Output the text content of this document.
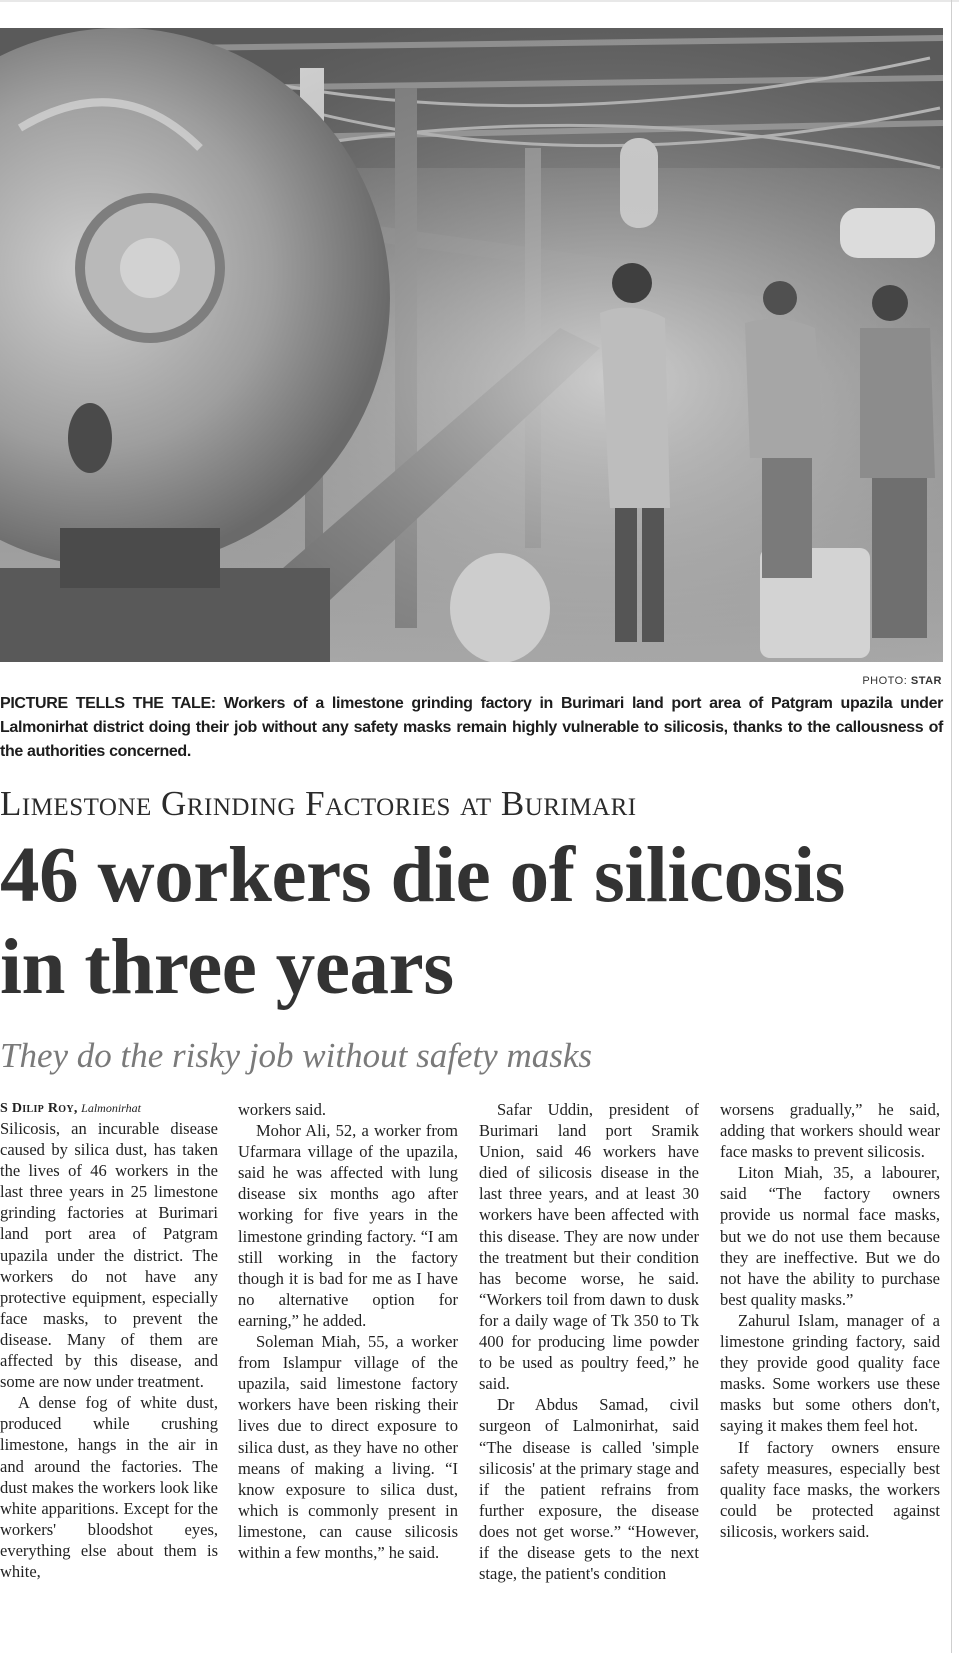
PHOTO: STAR
PICTURE TELLS THE TALE: Workers of a limestone grinding factory in Burimari land port area of Patgram upazila under Lalmonirhat district doing their job without any safety masks remain highly vulnerable to silicosis, thanks to the callousness of the authorities concerned.
Limestone Grinding Factories at Burimari
46 workers die of silicosis
in three years
They do the risky job without safety masks

S Dilip Roy, Lalmonirhat

Silicosis, an incurable disease caused by silica dust, has taken the lives of 46 workers in the last three years in 25 limestone grinding factories at Burimari land port area of Patgram upazila under the district. The workers do not have any protective equipment, especially face masks, to prevent the disease. Many of them are affected by this disease, and some are now under treatment.

A dense fog of white dust, produced while crushing limestone, hangs in the air in and around the factories. The dust makes the workers look like white apparitions. Except for the workers' bloodshot eyes, everything else about them is white,

workers said.

Mohor Ali, 52, a worker from Ufarmara village of the upazila, said he was affected with lung disease six months ago after working for five years in the limestone grinding factory. “I am still working in the factory though it is bad for me as I have no alternative option for earning,” he added.

Soleman Miah, 55, a worker from Islampur village of the upazila, said limestone factory workers have been risking their lives due to direct exposure to silica dust, as they have no other means of making a living. “I know exposure to silica dust, which is commonly present in limestone, can cause silicosis within a few months,” he said.

Safar Uddin, president of Burimari land port Sramik Union, said 46 workers have died of silicosis disease in the last three years, and at least 30 workers have been affected with this disease. They are now under the treatment but their condition has become worse, he said. “Workers toil from dawn to dusk for a daily wage of Tk 350 to Tk 400 for producing lime powder to be used as poultry feed,” he said.

Dr Abdus Samad, civil surgeon of Lalmonirhat, said “The disease is called 'simple silicosis' at the primary stage and if the patient refrains from further exposure, the disease does not get worse.” “However, if the disease gets to the next stage, the patient's condition

worsens gradually,” he said, adding that workers should wear face masks to prevent silicosis.

Liton Miah, 35, a labourer, said “The factory owners provide us normal face masks, but we do not use them because they are ineffective. But we do not have the ability to purchase best quality masks.”

Zahurul Islam, manager of a limestone grinding factory, said they provide good quality face masks. Some workers use these masks but some others don't, saying it makes them feel hot.

If factory owners ensure safety measures, especially best quality face masks, the workers could be protected against silicosis, workers said.
